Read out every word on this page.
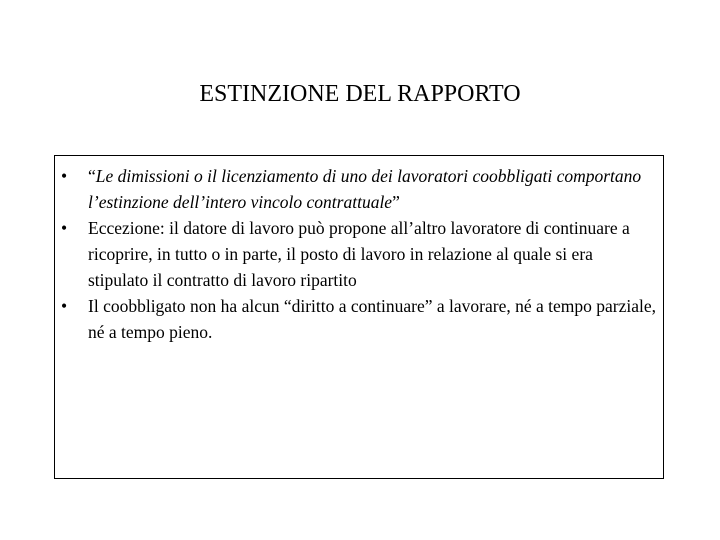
ESTINZIONE DEL RAPPORTO
•	“Le dimissioni o il licenziamento di uno dei lavoratori coobbligati comportano l’estinzione dell’intero vincolo contrattuale”
•	Eccezione: il datore di lavoro può propone all’altro lavoratore di continuare a ricoprire, in tutto o in parte, il posto di lavoro in relazione al quale si era stipulato il contratto di lavoro ripartito
•	Il coobbligato non ha alcun “diritto a continuare” a lavorare, né a tempo parziale, né a tempo pieno.
